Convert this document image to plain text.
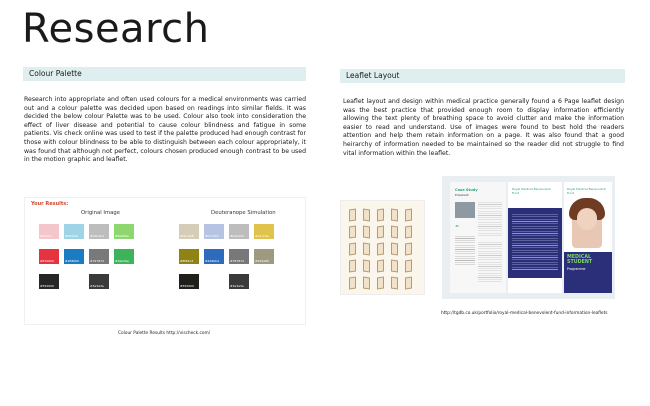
Research
Colour Palette

Research into appropriate and often used colours for a medical environments was carried out and a colour palette was decided upon based on readings into similar fields. It was decided the below colour Palette was to be used. Colour also took into consideration the effect of liver disease and potential to cause colour blindness and fatigue in some patients. Vis check online was used to test if the palette produced had enough contrast for those with colour blindness to be able to distinguish between each colour appropriately, it was found that although not perfect, colours chosen produced enough contrast to be used in the motion graphic and leaflet.

Your Results:
Original Image	Deuteranope Simulation
#f4c6cc	#9fd4e6	#bdbdbd	#8ed66e
#E10000	#1E8000	#79787d	#3eb29e
#550000	#3a3a3a
#d6cdb8	#b7c3e2	#bdbdbd	#e1c24a
#8f8413	#2d6bbd	#78787d	#9d9a80
#550000	#3a3a3a
Colour Palette Results http://vischeck.com/
Leaflet Layout

Leaflet layout and design within medical practice generally found a 6 Page leaflet design was the best practice that provided enough room to display information efficiently allowing the text plenty of breathing space to avoid clutter and make the information easier to read and understand. Use of images were found to best hold the readers attention and help them retain information on a page. It was also found that a good heirarchy of information needed to be maintained so the reader did not struggle to find vital information within the leaflet.

Case Study
Elizabeth
“
Royal Medical Benevolent Fund
Royal Medical Benevolent Fund
MEDICAL STUDENT
Programme
http://tgdb.co.uk/portfolio/royal-medical-benevolent-fund-information-leaflets
